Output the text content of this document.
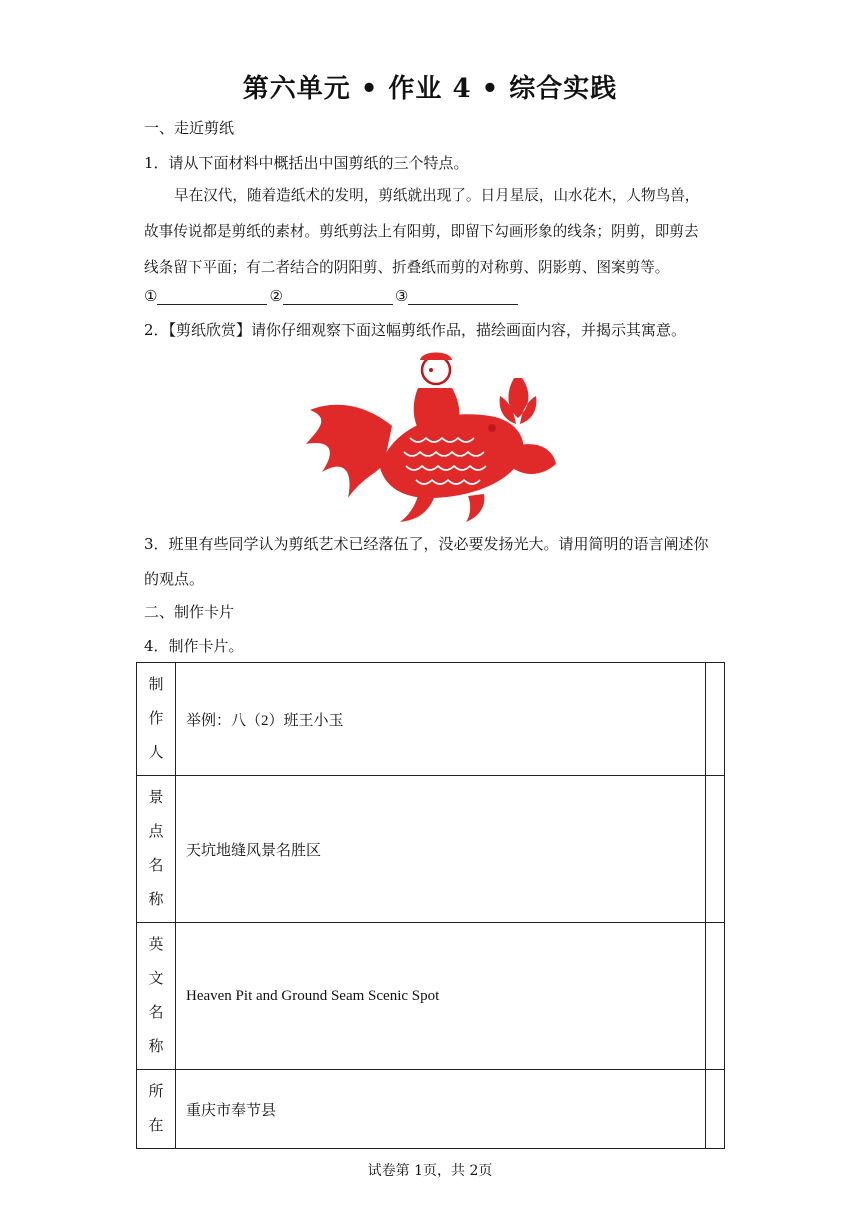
第六单元 • 作业 4 • 综合实践
一、走近剪纸
1．请从下面材料中概括出中国剪纸的三个特点。
早在汉代，随着造纸术的发明，剪纸就出现了。日月星辰，山水花木，人物鸟兽，
故事传说都是剪纸的素材。剪纸剪法上有阳剪，即留下勾画形象的线条；阴剪，即剪去
线条留下平面；有二者结合的阴阳剪、折叠纸而剪的对称剪、阴影剪、图案剪等。
①	②	③
2．【剪纸欣赏】请你仔细观察下面这幅剪纸作品，描绘画面内容，并揭示其寓意。
3．班里有些同学认为剪纸艺术已经落伍了，没必要发扬光大。请用简明的语言阐述你
的观点。
二、制作卡片
4．制作卡片。
制
作
人	举例：八（2）班王小玉	

景
点
名
称	天坑地缝风景名胜区	

英
文
名
称	Heaven Pit and Ground Seam Scenic Spot	

所
在	重庆市奉节县	
试卷第 1页，共 2页
